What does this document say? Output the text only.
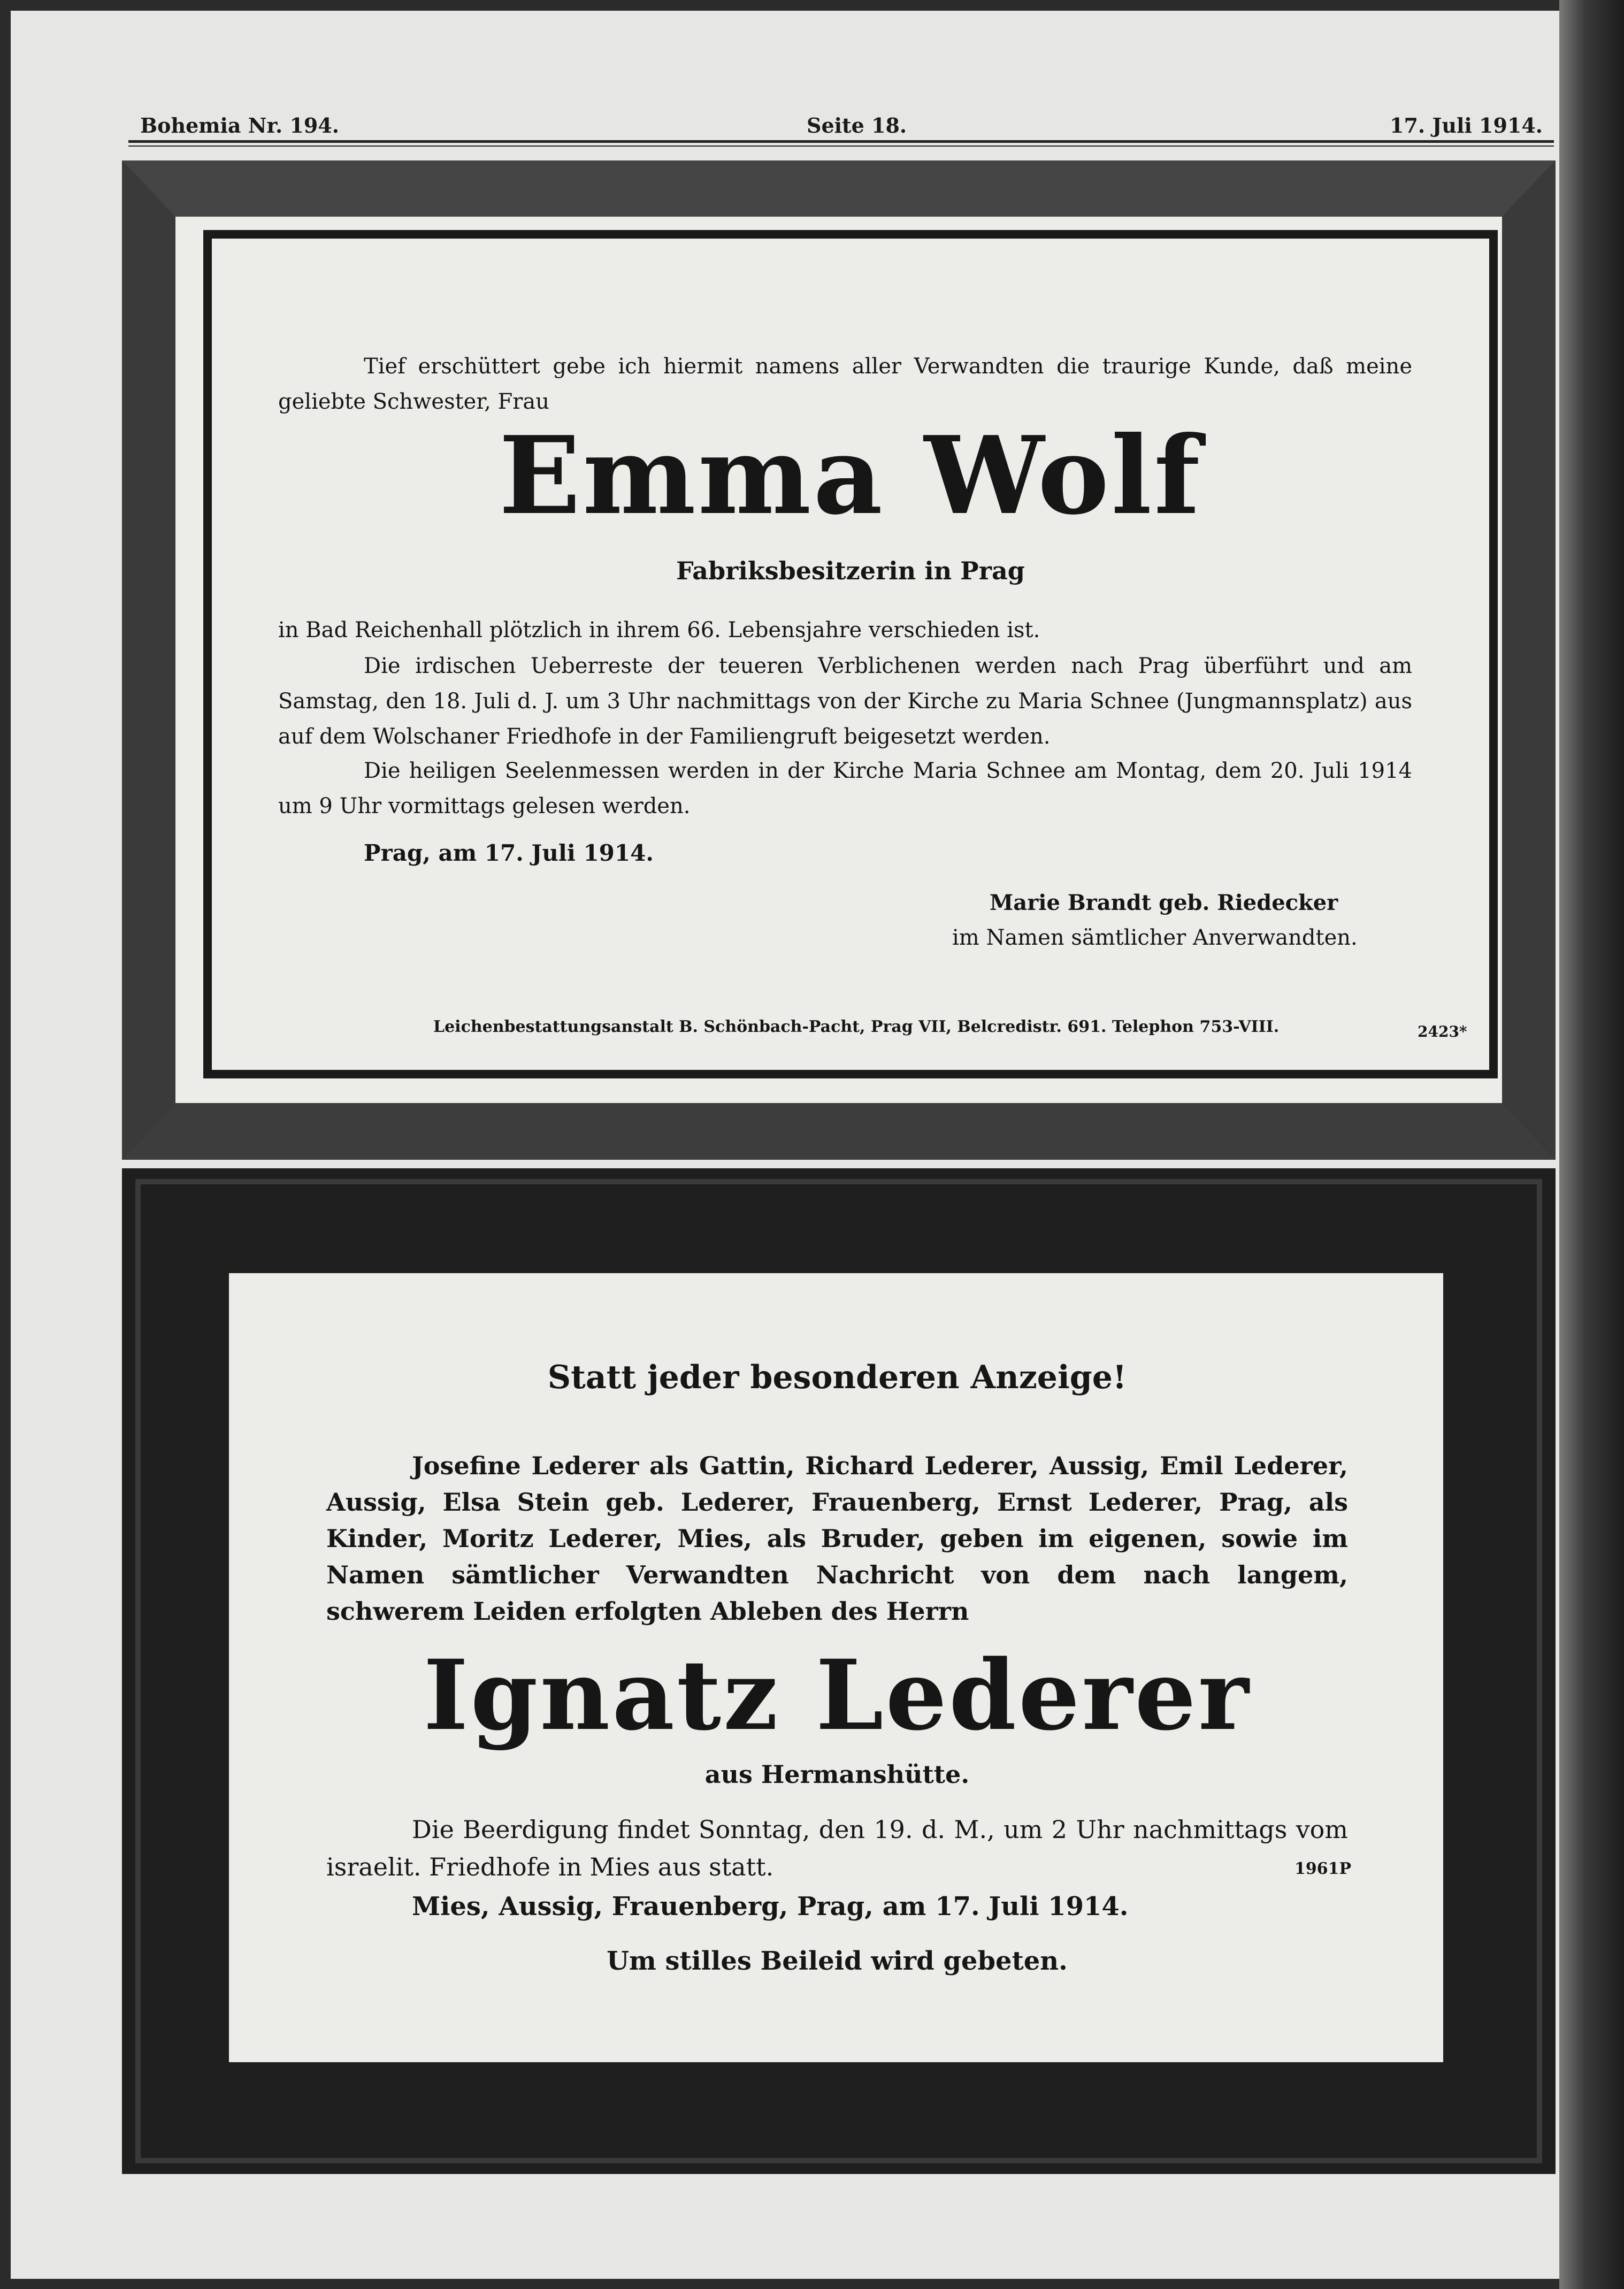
Bohemia Nr. 194.	Seite 18.	17. Juli 1914.
Tief erschüttert gebe ich hiermit namens aller Verwandten die traurige Kunde, daß meine geliebte Schwester, Frau
Emma Wolf
Fabriksbesitzerin in Prag
in Bad Reichenhall plötzlich in ihrem 66. Lebensjahre verschieden ist.
Die irdischen Ueberreste der teueren Verblichenen werden nach Prag überführt und am Samstag, den 18. Juli d. J. um 3 Uhr nachmittags von der Kirche zu Maria Schnee (Jungmannsplatz) aus auf dem Wolschaner Friedhofe in der Familiengruft beigesetzt werden.
Die heiligen Seelenmessen werden in der Kirche Maria Schnee am Montag, dem 20. Juli 1914 um 9 Uhr vormittags gelesen werden.
Prag, am 17. Juli 1914.
Marie Brandt geb. Riedecker
im Namen sämtlicher Anverwandten.
Leichenbestattungsanstalt B. Schönbach-Pacht, Prag VII, Belcredistr. 691. Telephon 753-VIII.	2423*
Statt jeder besonderen Anzeige!
Josefine Lederer als Gattin, Richard Lederer, Aussig, Emil Lederer, Aussig, Elsa Stein geb. Lederer, Frauenberg, Ernst Lederer, Prag, als Kinder, Moritz Lederer, Mies, als Bruder, geben im eigenen, sowie im Namen sämtlicher Verwandten Nachricht von dem nach langem, schwerem Leiden erfolgten Ableben des Herrn
Ignatz Lederer
aus Hermanshütte.
Die Beerdigung findet Sonntag, den 19. d. M., um 2 Uhr nachmittags vom israelit. Friedhofe in Mies aus statt.	1961P
Mies, Aussig, Frauenberg, Prag, am 17. Juli 1914.
Um stilles Beileid wird gebeten.
